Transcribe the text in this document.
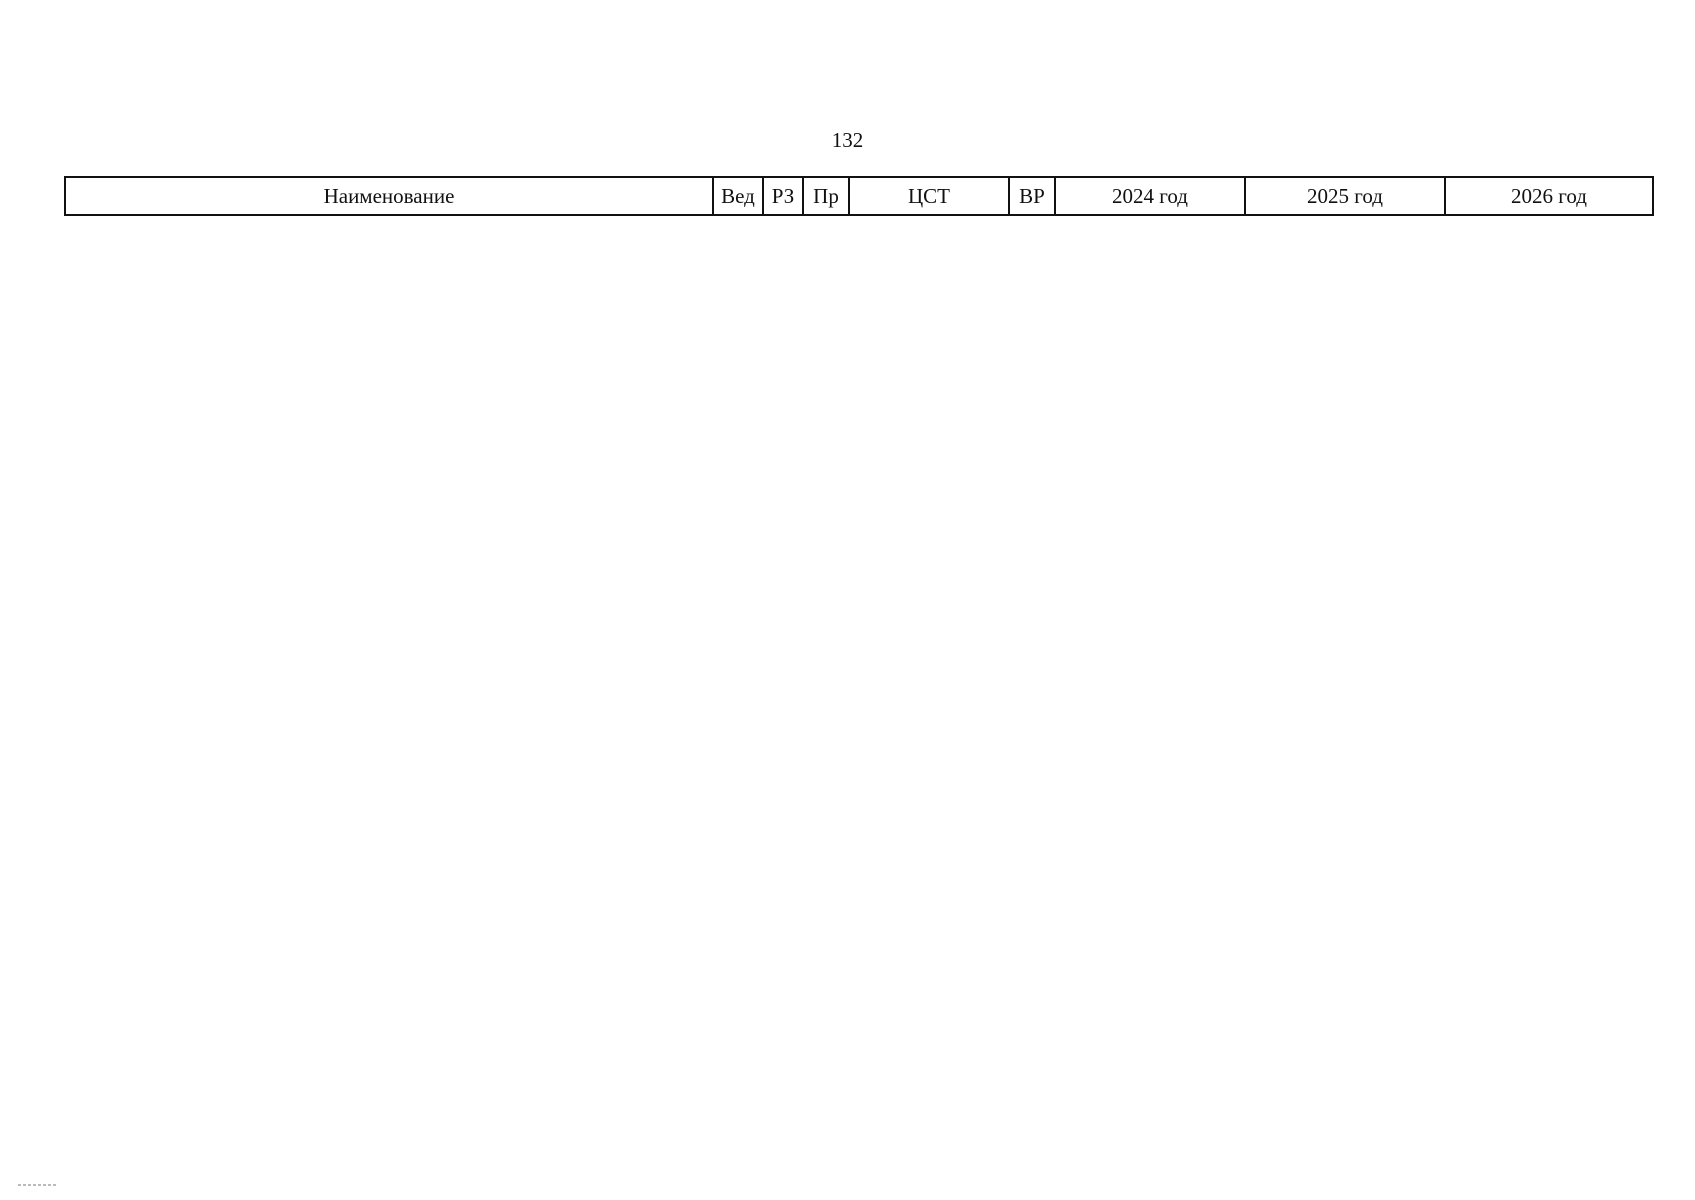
132
Наименование	Вед	РЗ	Пр	ЦСТ	ВР	2024 год	2025 год	2026 год
